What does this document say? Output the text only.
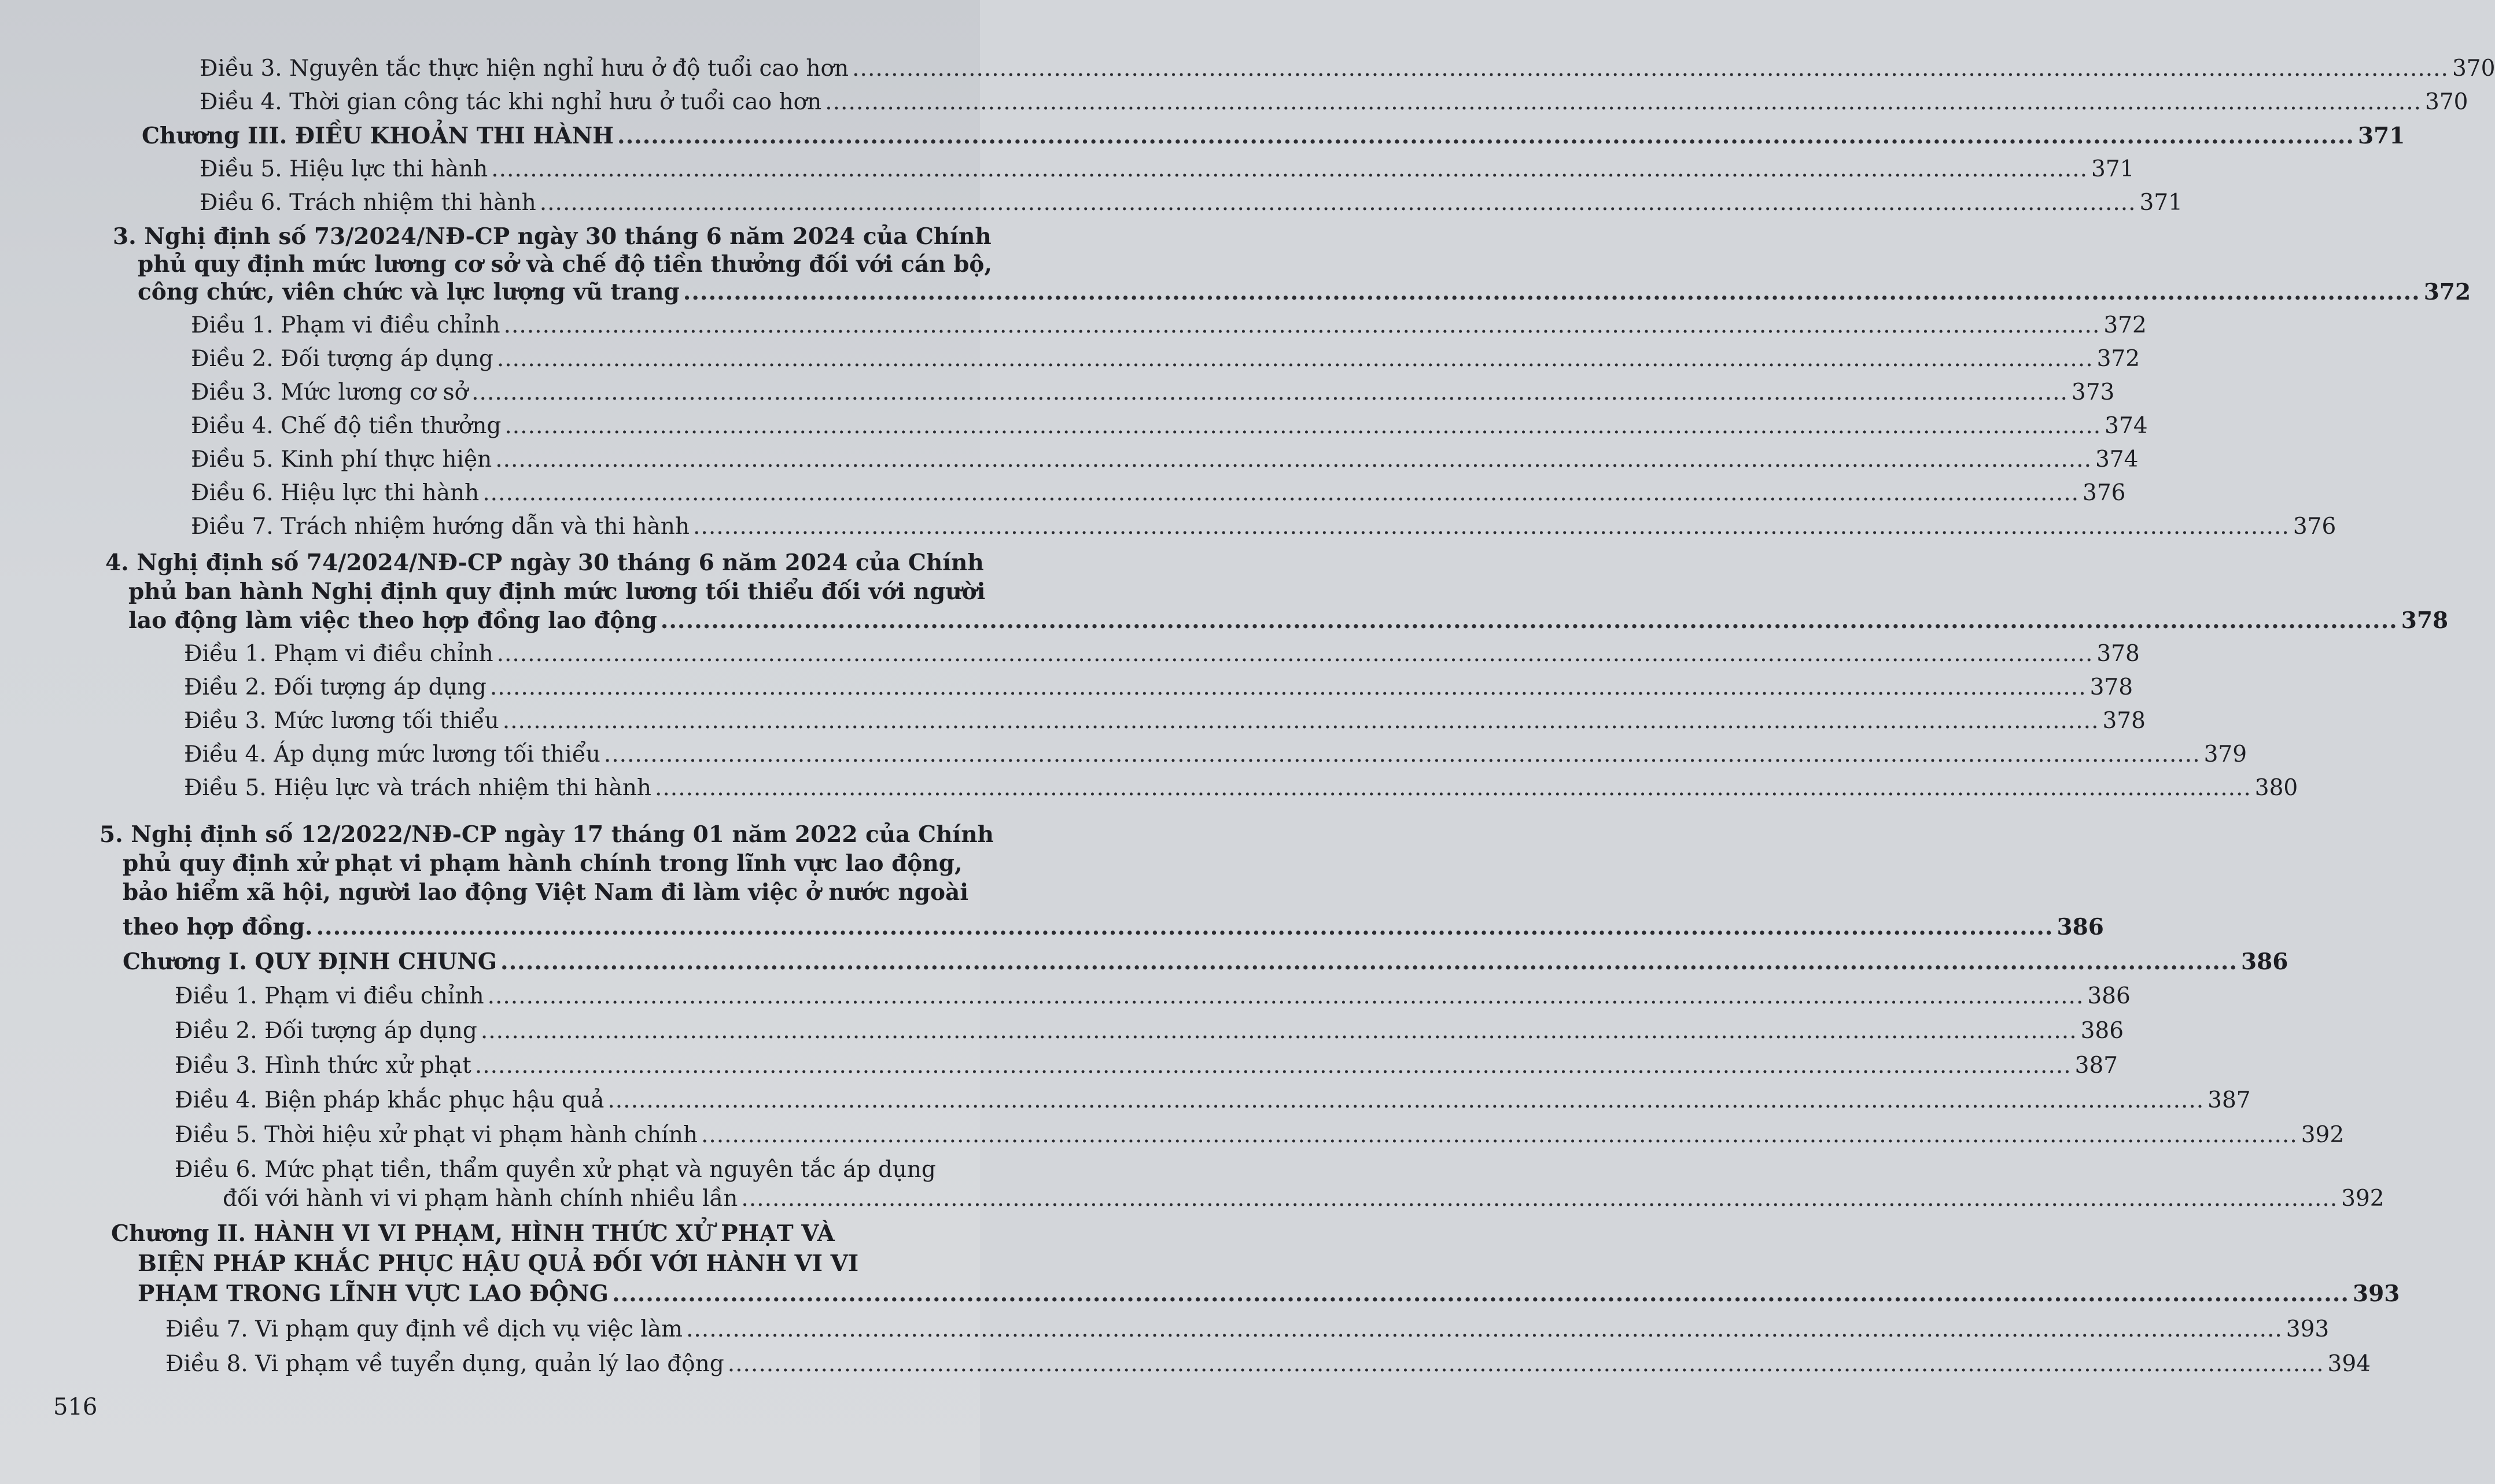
Điều 3. Nguyên tắc thực hiện nghỉ hưu ở độ tuổi cao hơn .............................................................................................................................................................................................................. 370
Điều 4. Thời gian công tác khi nghỉ hưu ở tuổi cao hơn .............................................................................................................................................................................................................. 370
Chương III. ĐIỀU KHOẢN THI HÀNH .............................................................................................................................................................................................................. 371
Điều 5. Hiệu lực thi hành .............................................................................................................................................................................................................. 371
Điều 6. Trách nhiệm thi hành .............................................................................................................................................................................................................. 371
3. Nghị định số 73/2024/NĐ-CP ngày 30 tháng 6 năm 2024 của Chính
phủ quy định mức lương cơ sở và chế độ tiền thưởng đối với cán bộ,
công chức, viên chức và lực lượng vũ trang .............................................................................................................................................................................................................. 372
Điều 1. Phạm vi điều chỉnh .............................................................................................................................................................................................................. 372
Điều 2. Đối tượng áp dụng .............................................................................................................................................................................................................. 372
Điều 3. Mức lương cơ sở .............................................................................................................................................................................................................. 373
Điều 4. Chế độ tiền thưởng .............................................................................................................................................................................................................. 374
Điều 5. Kinh phí thực hiện .............................................................................................................................................................................................................. 374
Điều 6. Hiệu lực thi hành .............................................................................................................................................................................................................. 376
Điều 7. Trách nhiệm hướng dẫn và thi hành .............................................................................................................................................................................................................. 376
4. Nghị định số 74/2024/NĐ-CP ngày 30 tháng 6 năm 2024 của Chính
phủ ban hành Nghị định quy định mức lương tối thiểu đối với người
lao động làm việc theo hợp đồng lao động .............................................................................................................................................................................................................. 378
Điều 1. Phạm vi điều chỉnh .............................................................................................................................................................................................................. 378
Điều 2. Đối tượng áp dụng .............................................................................................................................................................................................................. 378
Điều 3. Mức lương tối thiểu .............................................................................................................................................................................................................. 378
Điều 4. Áp dụng mức lương tối thiểu .............................................................................................................................................................................................................. 379
Điều 5. Hiệu lực và trách nhiệm thi hành .............................................................................................................................................................................................................. 380
5. Nghị định số 12/2022/NĐ-CP ngày 17 tháng 01 năm 2022 của Chính
phủ quy định xử phạt vi phạm hành chính trong lĩnh vực lao động,
bảo hiểm xã hội, người lao động Việt Nam đi làm việc ở nước ngoài
theo hợp đồng. .............................................................................................................................................................................................................. 386
Chương I. QUY ĐỊNH CHUNG .............................................................................................................................................................................................................. 386
Điều 1. Phạm vi điều chỉnh .............................................................................................................................................................................................................. 386
Điều 2. Đối tượng áp dụng .............................................................................................................................................................................................................. 386
Điều 3. Hình thức xử phạt .............................................................................................................................................................................................................. 387
Điều 4. Biện pháp khắc phục hậu quả .............................................................................................................................................................................................................. 387
Điều 5. Thời hiệu xử phạt vi phạm hành chính .............................................................................................................................................................................................................. 392
Điều 6. Mức phạt tiền, thẩm quyền xử phạt và nguyên tắc áp dụng
đối với hành vi vi phạm hành chính nhiều lần .............................................................................................................................................................................................................. 392
Chương II. HÀNH VI VI PHẠM, HÌNH THỨC XỬ PHẠT VÀ
BIỆN PHÁP KHẮC PHỤC HẬU QUẢ ĐỐI VỚI HÀNH VI VI
PHẠM TRONG LĨNH VỰC LAO ĐỘNG .............................................................................................................................................................................................................. 393
Điều 7. Vi phạm quy định về dịch vụ việc làm .............................................................................................................................................................................................................. 393
Điều 8. Vi phạm về tuyển dụng, quản lý lao động .............................................................................................................................................................................................................. 394
516
